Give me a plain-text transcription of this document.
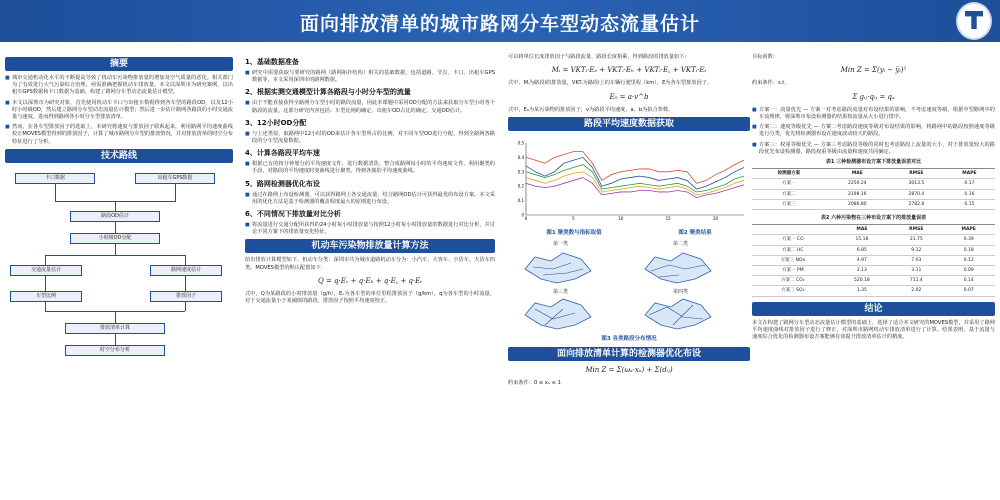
面向排放清单的城市路网分车型动态流量估计
摘要
■ 城市交通机动化水平的不断提高导致了机动车污染物排放量的增加及空气质量的恶化。相关部门为了有效进行大气污染综合治理，亟需准确把握机动车排放量。本文以深圳市为研究案例，以出租车GPS数据和卡口数据为基础，构建了路网分车型动态流量估计模型。
■ 本文以深圳市为研究对象，首先使用机动车卡口与出租车数据得到各车型的路段OD，以及12小时小时级OD，然后建立路网分车型动态流量估计模型；然后进一步估计路网各路段的小时交通流量与速度，进而得到路网各小时分车型排放清单。
■ 然而，在各车型排放因子的选取上，本研究将速度与排放因子联系起来，利用路网平均速度曲线校正MOVES模型得到的排放因子，计算了城市路网分车型的排放情况，并对排放清单的时空分布特征进行了分析。
技术路线
卡口数据	出租车GPS数据
路段OD估计
小时级OD分配
交通流量估计	路网速度估计
车型比例	排放因子
排放清单计算
时空分布分析
1、基础数据准备
■ 研究中需要获取与要研究的路网（路网拓扑结构）相关的基础数据，包括道路、节点、卡口、出租车GPS数据等，本文采用深圳市的路网数据。
2、根据实测交通模型计算各路段与小时分车型的流量
■ 由于不能直接获得全路网分车型小时的路段流量，因此本课题中采用OD分配的方法来获取分车型小时各个路段的流量。这部分研究内容包括：车型比例的确定、出租车OD占比的确定、交通OD估计。
3、12小时OD分配
■ 与上述类似，取路网中12小时的OD来估计各车型所占的比例，对不同车型OD进行分配，得到全路网各路段的分车型流量数据。
4、计算各路段平均车速
■ 根据已有的按分钟划分的平均速度文件，进行数据清洗、整合成路网每小时的平均速度文件。利用聚类的手段，对路段的平均速度时变曲线进行聚类，得到各簇的平均速度曲线。
5、路网检测器优化布设
■ 通过在路网上布设检测器，可以获得路网上各交通流量，结合路网OD估计可获得最优的布设方案。本文采用的优化方法是基于检测器的覆盖程度最大的原则进行布设。
6、不同情况下排放量对比分析
■ 将流量进行交通分配所获得的24小时每小时排放量与按照12小时每小时排放量的数据进行对比分析，并讨论不同方案下的排放量变化特征。
机动车污染物排放量计算方法
给出排放计算模型如下，机动车分类：深圳市共为城市道路机动车分为：小汽车、大客车、小货车、大货车四类。MOVES模型的默认配置如下：
Q = q·Eᵥ + q·Eₕ + q·E꜀ + q·Eₜ
式中，Q为某路段的小时排放量（g/h），Eᵥ为各车型的单位里程排放因子（g/km），q为各车型的小时流量。对于交通流量小于某阈值的路段，排放因子按照平均速度校正。
可以将单位长度排放因子与路段流量、路段长度相乘，得到路段的排放量如下：
Mᵢ = VKTᵢ·Eₑ + VKTᵢ·Eₕ + VKTᵢ·E꜀ + VKTᵢ·Eₜ
式中，Mᵢ为路段i的排放量，VKTᵢ为路段i上的车辆行驶里程（km），E为各车型排放因子。
E₀ = a·v^b
式中，E₀为某污染物的排放因子，v为路段平均速度，a、b为拟合参数。
路段平均速度数据获取
0
0.1
0.2
0.3
0.4
0.5
0	5	10	15	20
图1 聚类数与指标取值	图2 聚类结果
第一类	第二类
第三类	第四类
图3 各类路段分布情况
面向排放清单计算的检测器优化布设
Min Z = Σ(ωₐ·xₐ) + Σ(dᵢⱼ)
约束条件：0 ≤ xₐ ≤ 1
目标函数：
Min Z = Σ(yᵢ − y̅ᵢ)²
约束条件：s.t.
Σ gᵢⱼ·qᵢⱼ = qₐ
■ 方案一：流量优先 — 方案一对考虑路段流量对布设结果的影响，不考虑速度等级，根据中型路网中的车流规律，将深圳市布设检测器的结果按流量从大小进行排序。
■ 方案二：速度等级优先 — 方案二考虑路段速度等级对布设结果的影响，将路网中的路段按照速度等级进行分类，优先将检测器布设在速度波动较大的路段。
■ 方案三：权重等级优先 — 方案三考虑路段等级的同时也考虑路段上流量的大小，对于排放量较大的路段优先布设检测器，路段权重等级由流量和速度共同确定。
表1 三种检测器布设方案下排放量误差对比
检测器方案	MAE	RMSE	MAPE
方案一	2250.24	3013.5	0.17
方案二	2198.16	2870.4	0.16
方案三	2086.80	2782.8	0.15
表2 六种污染物在三种布设方案下的排放量误差
	MAE	RMSE	MAPE
方案一 CO	15.18	21.75	0.39
方案二 HC	6.85	9.12	0.18
方案三 NOx	4.97	7.03	0.12
方案一 PM	2.13	3.11	0.09
方案二 CO₂	520.18	711.4	0.14
方案三 SO₂	1.35	2.02	0.07
结论
本文在构建了路网分车型动态流量估计模型的基础上，选择了适合本文研究的MOVES模型，并采用了路网平均速度曲线对排放因子进行了修正，对深圳市路网机动车排放清单进行了计算。结果表明，基于流量与速度综合优化的检测器布设方案能够有效提升排放清单估计的精度。
